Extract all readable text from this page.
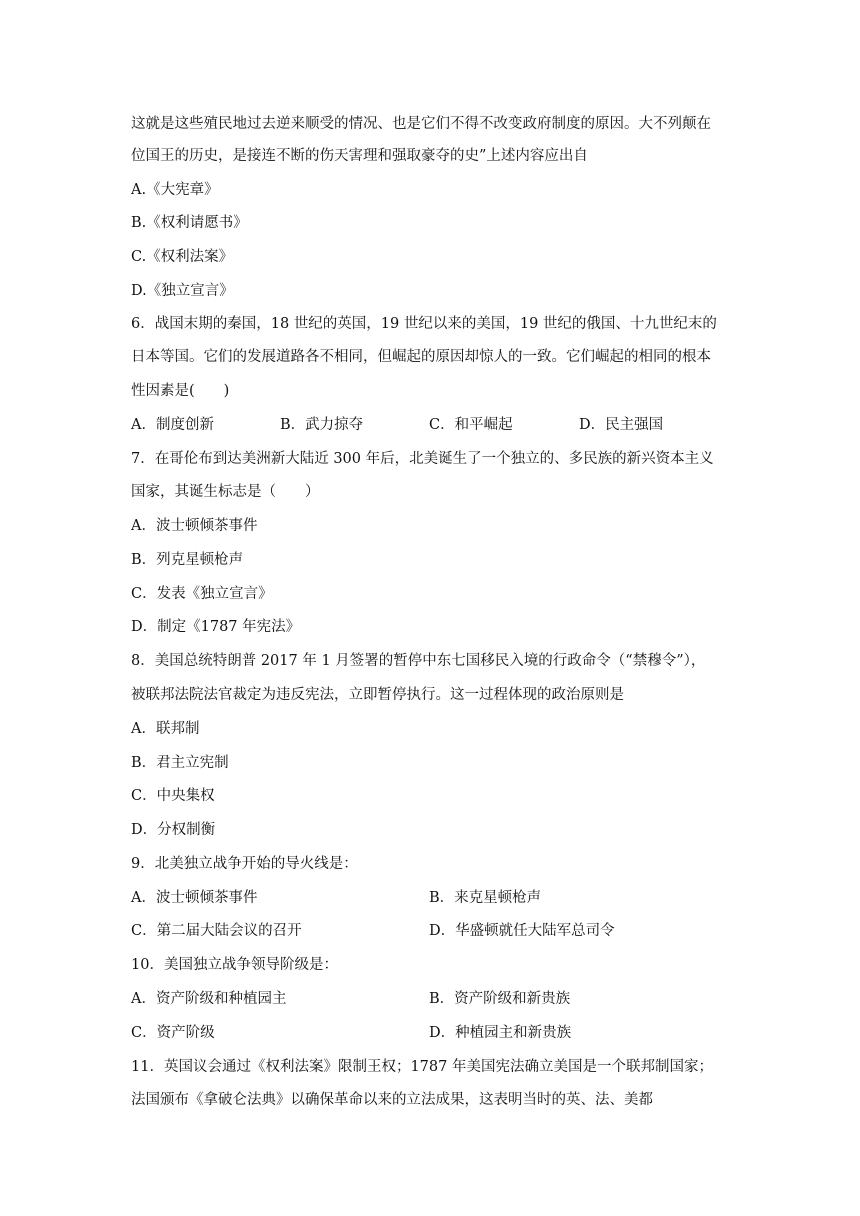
这就是这些殖民地过去逆来顺受的情况、也是它们不得不改变政府制度的原因。大不列颠在
位国王的历史，是接连不断的伤天害理和强取豪夺的史”上述内容应出自
A.《大宪章》
B.《权利请愿书》
C.《权利法案》
D.《独立宣言》
6．战国末期的秦国，18 世纪的英国，19 世纪以来的美国，19 世纪的俄国、十九世纪末的
日本等国。它们的发展道路各不相同，但崛起的原因却惊人的一致。它们崛起的相同的根本
性因素是(　　)
A．制度创新	B．武力掠夺	C．和平崛起	D．民主强国
7．在哥伦布到达美洲新大陆近 300 年后，北美诞生了一个独立的、多民族的新兴资本主义
国家，其诞生标志是（　　）
A．波士顿倾茶事件
B．列克星顿枪声
C．发表《独立宣言》
D．制定《1787 年宪法》
8．美国总统特朗普 2017 年 1 月签署的暂停中东七国移民入境的行政命令（“禁穆令”），
被联邦法院法官裁定为违反宪法，立即暂停执行。这一过程体现的政治原则是
A．联邦制
B．君主立宪制
C．中央集权
D．分权制衡
9．北美独立战争开始的导火线是：
A．波士顿倾茶事件	B．来克星顿枪声
C．第二届大陆会议的召开	D．华盛顿就任大陆军总司令
10．美国独立战争领导阶级是：
A．资产阶级和种植园主	B．资产阶级和新贵族
C．资产阶级	D．种植园主和新贵族
11．英国议会通过《权利法案》限制王权；1787 年美国宪法确立美国是一个联邦制国家；
法国颁布《拿破仑法典》以确保革命以来的立法成果，这表明当时的英、法、美都
